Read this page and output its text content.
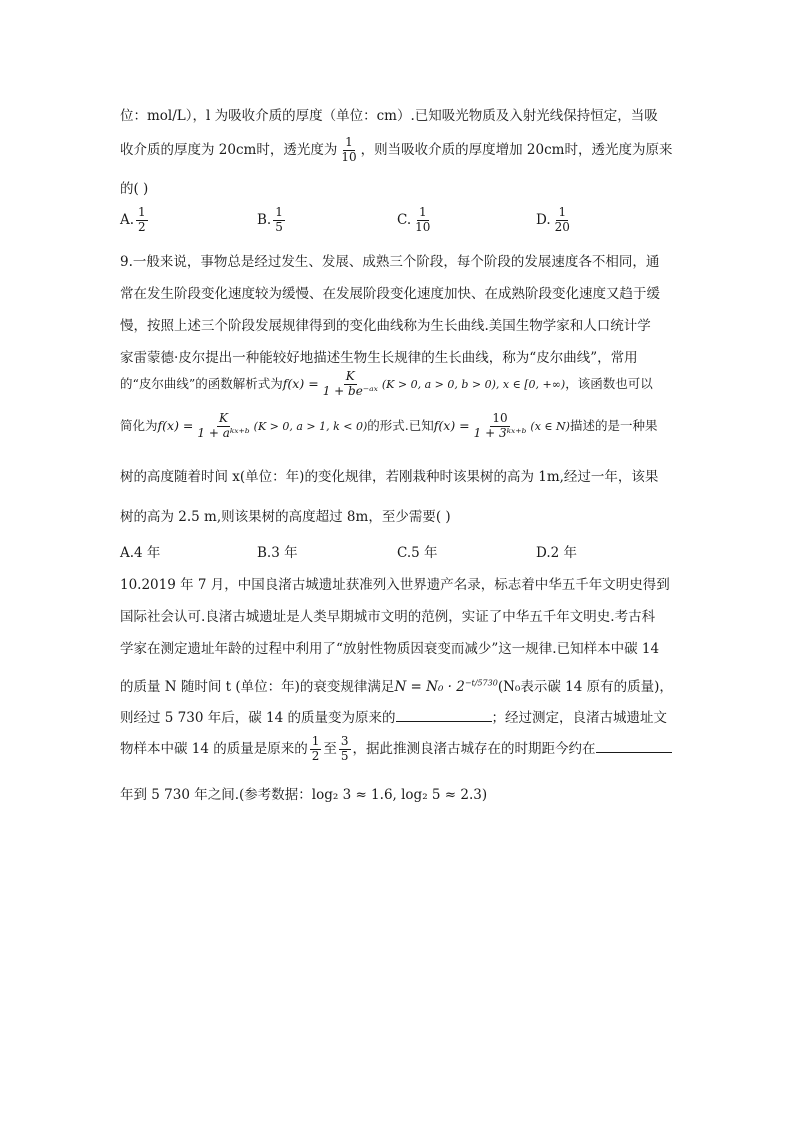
位：mol/L），l 为吸收介质的厚度（单位：cm）.已知吸光物质及入射光线保持恒定，当吸
收介质的厚度为 20cm时，透光度为 $\frac{1}{10}$ ，则当吸收介质的厚度增加 20cm时，透光度为原来
的( )
A. $\frac{1}{2}$	B. $\frac{1}{5}$	C. $\frac{1}{10}$	D. $\frac{1}{20}$
9.一般来说，事物总是经过发生、发展、成熟三个阶段，每个阶段的发展速度各不相同，通
常在发生阶段变化速度较为缓慢、在发展阶段变化速度加快、在成熟阶段变化速度又趋于缓
慢，按照上述三个阶段发展规律得到的变化曲线称为生长曲线.美国生物学家和人口统计学
家雷蒙德·皮尔提出一种能较好地描述生物生长规律的生长曲线，称为“皮尔曲线”，常用
的“皮尔曲线”的函数解析式为$f(x) = \frac{K}{\text{1 + be⁻ᵃˣ}} (K > 0$, a > 0, b > 0), x ∈ [0, +∞)，该函数也可以
简化为$f(x) = \frac{K}{\text{1 + aᵏˣ⁺ᵇ}} (K > 0$, a > 1, k < 0)的形式.已知$f(x) = \frac{10}{\text{1 + 3ᵏˣ⁺ᵇ}} (x$ ∈ N)描述的是一种果
树的高度随着时间 x(单位：年)的变化规律，若刚栽种时该果树的高为 1m,经过一年，该果
树的高为 2.5 m,则该果树的高度超过 8m，至少需要( )
A.4 年	B.3 年	C.5 年	D.2 年
10.2019 年 7 月，中国良渚古城遗址获准列入世界遗产名录，标志着中华五千年文明史得到
国际社会认可.良渚古城遗址是人类早期城市文明的范例，实证了中华五千年文明史.考古科
学家在测定遗址年龄的过程中利用了“放射性物质因衰变而减少”这一规律.已知样本中碳 14
的质量 N 随时间 t (单位：年)的衰变规律满足$N = N_0 \cdot 2^{-t/5730}(N_0$表示碳 14 原有的质量)，
则经过 5 730 年后，碳 14 的质量变为原来的	；经过测定，良渚古城遗址文
物样本中碳 14 的质量是原来的 $\frac{1}{2}$ 至 $\frac{3}{5}$ ，据此推测良渚古城存在的时期距今约在
年到 5 730 年之间.(参考数据：log₂ 3 ≈ 1.6, log₂ 5 ≈ 2.3)
